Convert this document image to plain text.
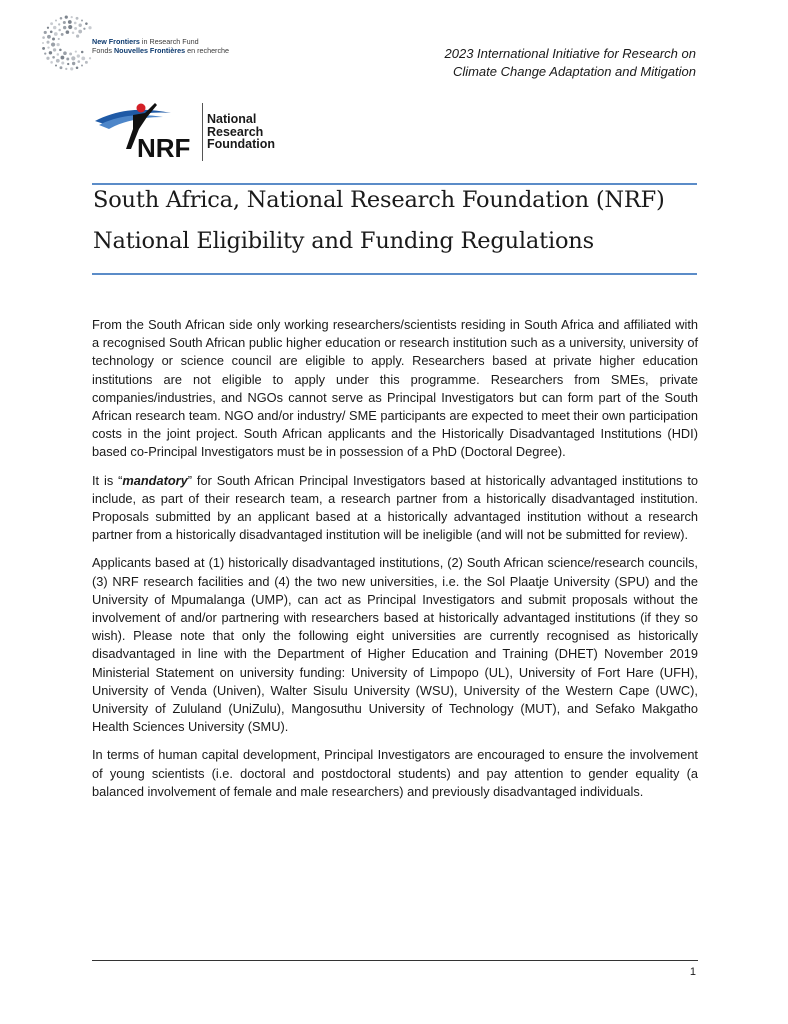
New Frontiers in Research Fund
Fonds Nouvelles Frontières en recherche	2023 International Initiative for Research on
Climate Change Adaptation and Mitigation
NRF
National
Research
Foundation
South Africa, National Research Foundation (NRF)
National Eligibility and Funding Regulations

From the South African side only working researchers/scientists residing in South Africa and affiliated with a recognised South African public higher education or research institution such as a university, university of technology or science council are eligible to apply. Researchers based at private higher education institutions are not eligible to apply under this programme. Researchers from SMEs, private companies/industries, and NGOs cannot serve as Principal Investigators but can form part of the South African research team. NGO and/or industry/ SME participants are expected to meet their own participation costs in the joint project. South African applicants and the Historically Disadvantaged Institutions (HDI) based co-Principal Investigators must be in possession of a PhD (Doctoral Degree).

It is “mandatory” for South African Principal Investigators based at historically advantaged institutions to include, as part of their research team, a research partner from a historically disadvantaged institution. Proposals submitted by an applicant based at a historically advantaged institution without a research partner from a historically disadvantaged institution will be ineligible (and will not be submitted for review).

Applicants based at (1) historically disadvantaged institutions, (2) South African science/research councils, (3) NRF research facilities and (4) the two new universities, i.e. the Sol Plaatje University (SPU) and the University of Mpumalanga (UMP), can act as Principal Investigators and submit proposals without the involvement of and/or partnering with researchers based at historically advantaged institutions (if they so wish). Please note that only the following eight universities are currently recognised as historically disadvantaged in line with the Department of Higher Education and Training (DHET) November 2019 Ministerial Statement on university funding: University of Limpopo (UL), University of Fort Hare (UFH), University of Venda (Univen), Walter Sisulu University (WSU), University of the Western Cape (UWC), University of Zululand (UniZulu), Mangosuthu University of Technology (MUT), and Sefako Makgatho Health Sciences University (SMU).

In terms of human capital development, Principal Investigators are encouraged to ensure the involvement of young scientists (i.e. doctoral and postdoctoral students) and pay attention to gender equality (a balanced involvement of female and male researchers) and previously disadvantaged individuals.

1
